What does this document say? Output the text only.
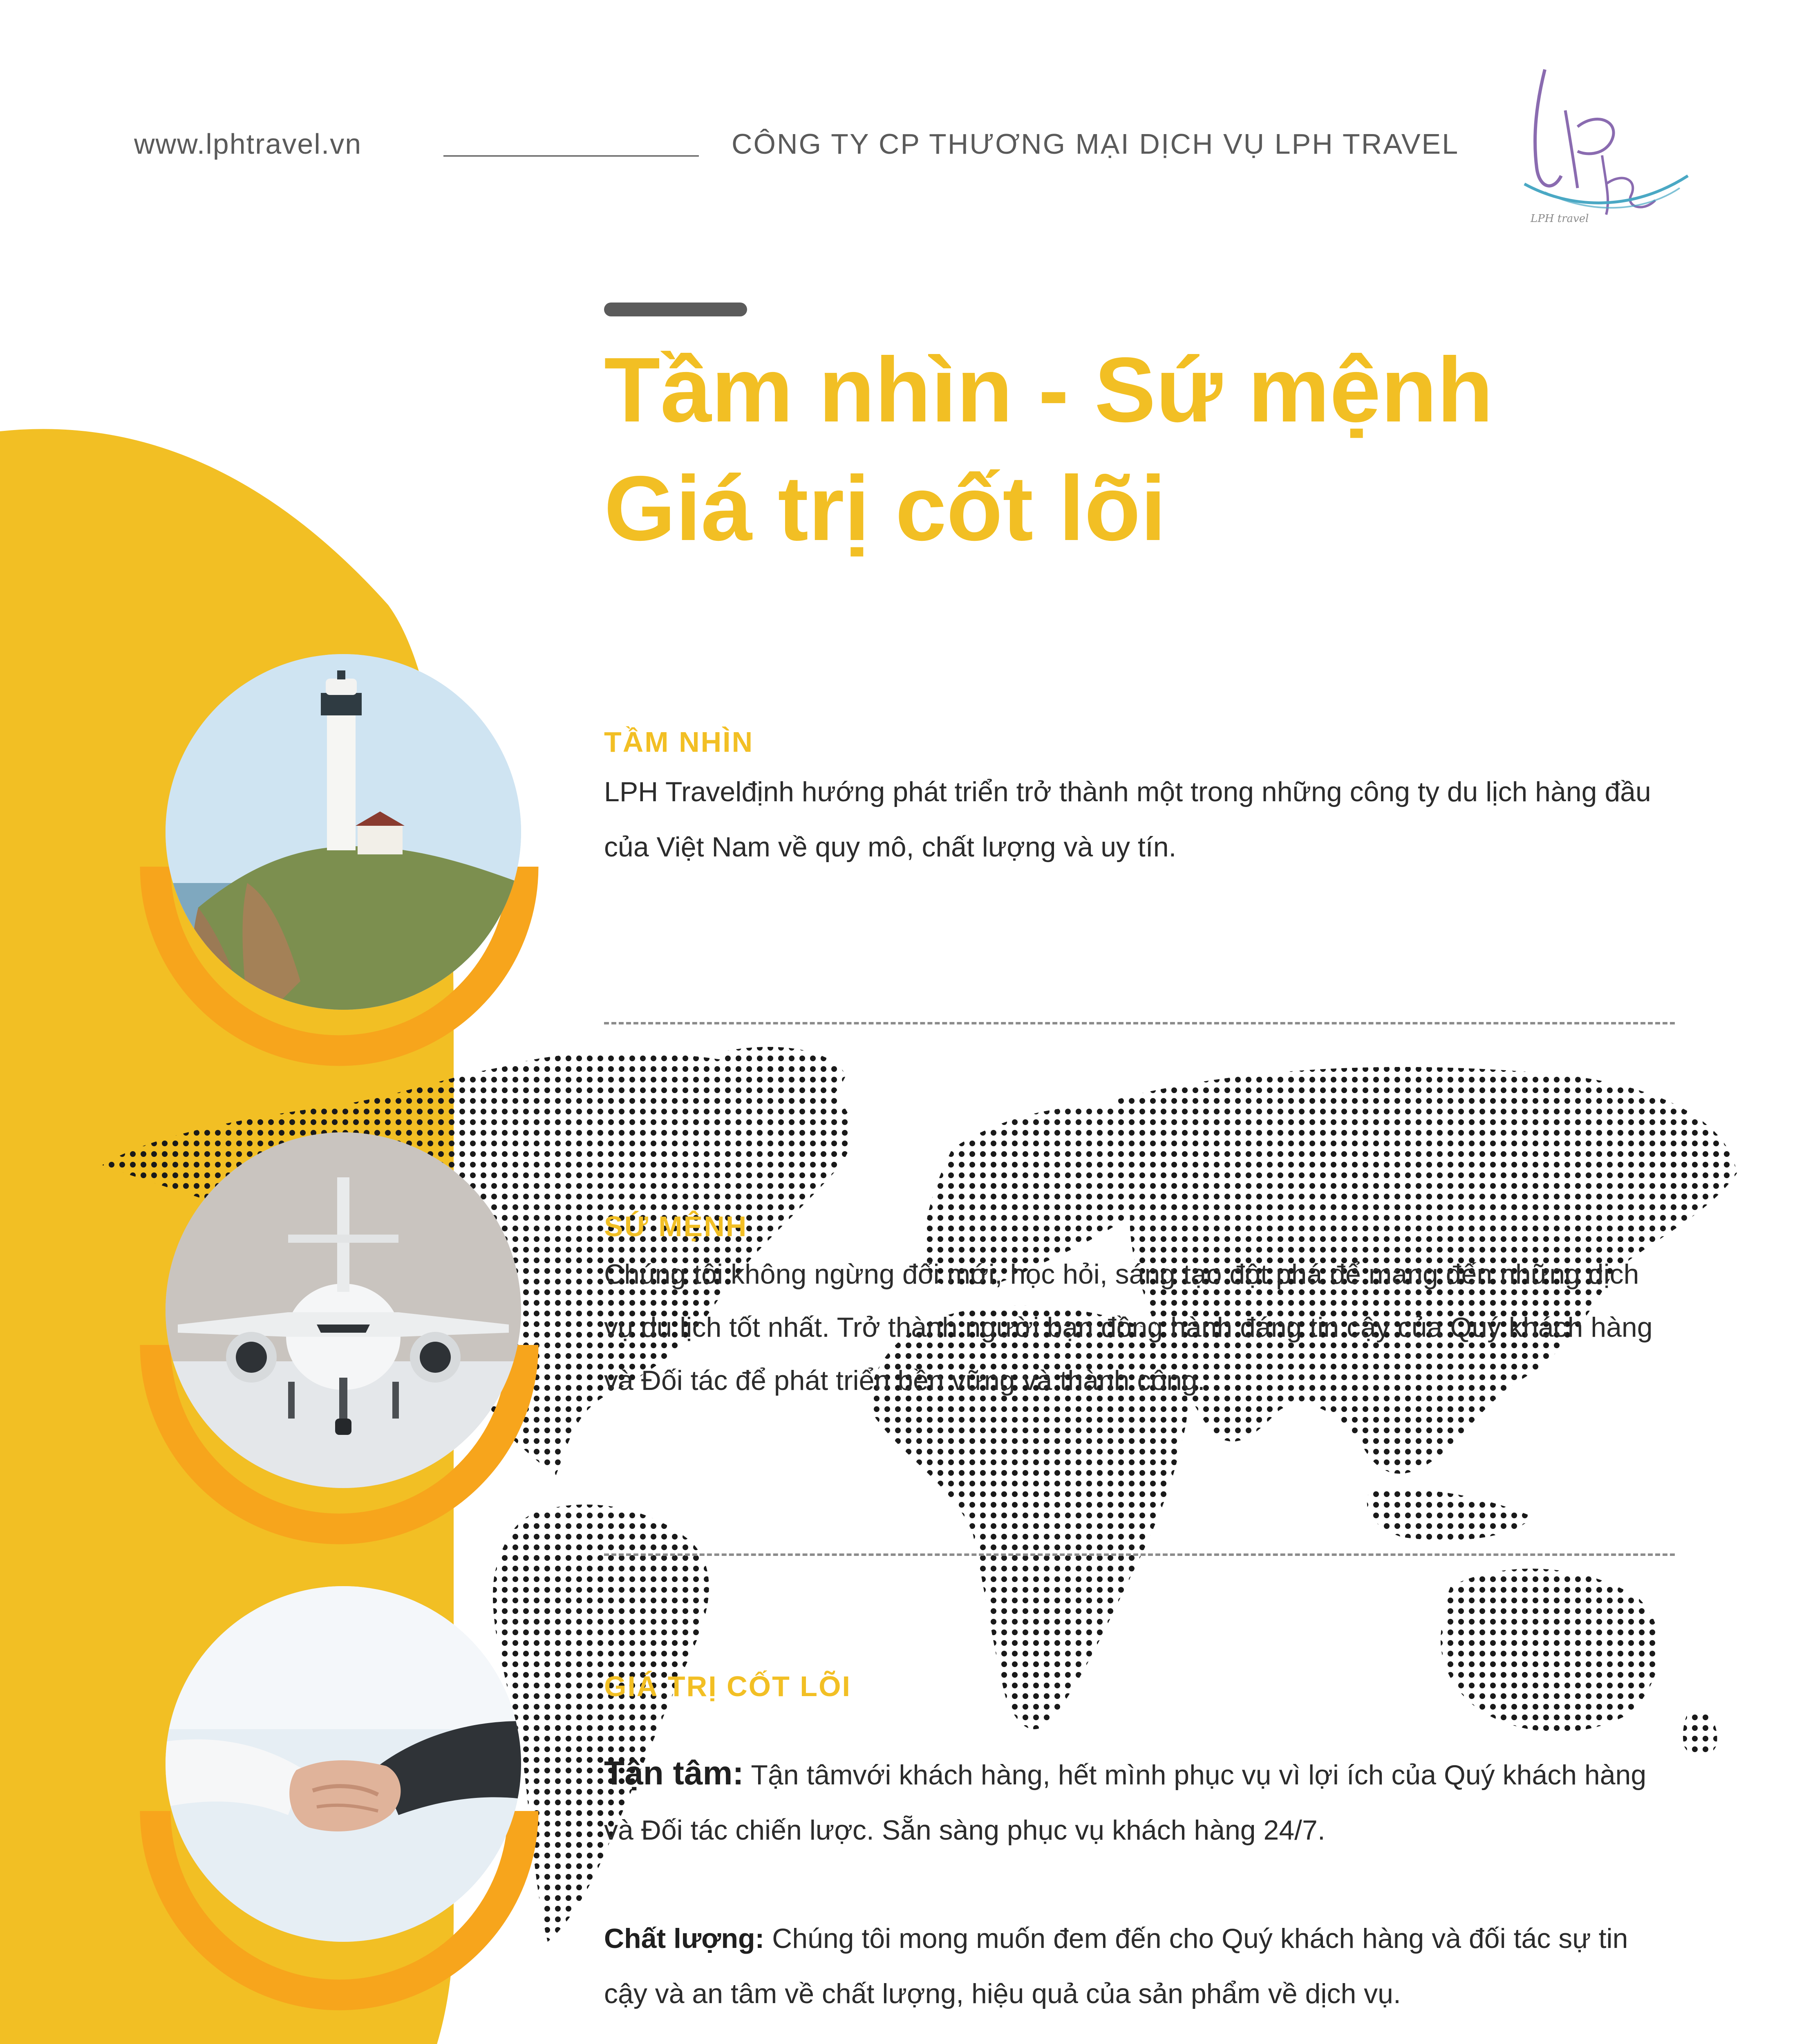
www.lphtravel.vn	CÔNG TY CP THƯƠNG MẠI DỊCH VỤ LPH TRAVEL
LPH travel
Tầm nhìn - Sứ mệnh
Giá trị cốt lõi
TẦM NHÌN
LPH Travelđịnh hướng phát triển trở thành một trong những công ty du lịch hàng đầu
của Việt Nam về quy mô, chất lượng và uy tín.
SỨ MỆNH
Chúng tôi không ngừng đổi mới, học hỏi, sáng tạo đột phá để mang đến những dịch
vụ du lịch tốt nhất. Trở thành người bạn đồng hành đáng tin cậy của Quý khách hàng
và Đối tác để phát triển bền vững và thành công.
GIÁ TRỊ CỐT LÕI
Tận tâm: Tận tâmvới khách hàng, hết mình phục vụ vì lợi ích của Quý khách hàng
và Đối tác chiến lược. Sẵn sàng phục vụ khách hàng 24/7.
Chất lượng: Chúng tôi mong muốn đem đến cho Quý khách hàng và đối tác sự tin
cậy và an tâm về chất lượng, hiệu quả của sản phẩm về dịch vụ.
